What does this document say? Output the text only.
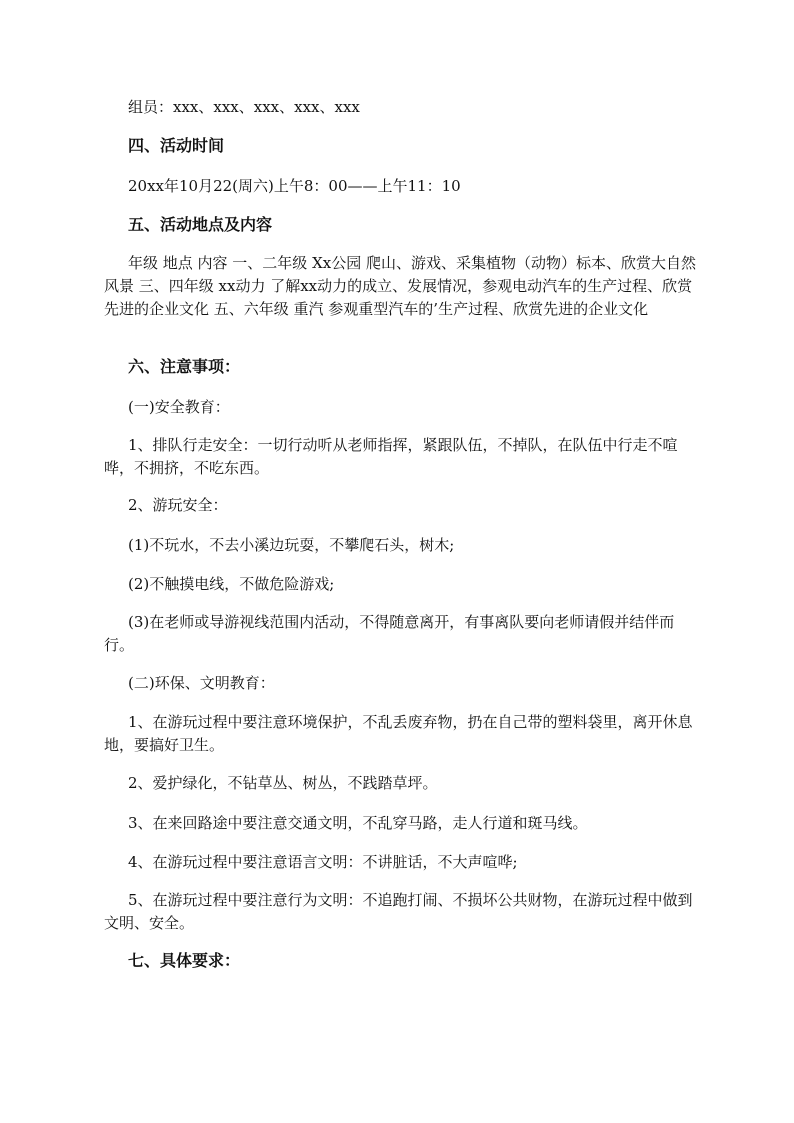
组员：xxx、xxx、xxx、xxx、xxx
四、活动时间
20xx年10月22(周六)上午8：00——上午11：10
五、活动地点及内容
年级 地点 内容 一、二年级 Xx公园 爬山、游戏、采集植物（动物）标本、欣赏大自然风景 三、四年级 xx动力 了解xx动力的成立、发展情况，参观电动汽车的生产过程、欣赏先进的企业文化 五、六年级 重汽 参观重型汽车的’生产过程、欣赏先进的企业文化
六、注意事项：
(一)安全教育：
1、排队行走安全：一切行动听从老师指挥，紧跟队伍，不掉队，在队伍中行走不喧哗，不拥挤，不吃东西。
2、游玩安全：
(1)不玩水，不去小溪边玩耍，不攀爬石头，树木;
(2)不触摸电线，不做危险游戏;
(3)在老师或导游视线范围内活动，不得随意离开，有事离队要向老师请假并结伴而行。
(二)环保、文明教育：
1、在游玩过程中要注意环境保护，不乱丢废弃物，扔在自己带的塑料袋里，离开休息地，要搞好卫生。
2、爱护绿化，不钻草丛、树丛，不践踏草坪。
3、在来回路途中要注意交通文明，不乱穿马路，走人行道和斑马线。
4、在游玩过程中要注意语言文明：不讲脏话，不大声喧哗;
5、在游玩过程中要注意行为文明：不追跑打闹、不损坏公共财物，在游玩过程中做到文明、安全。
七、具体要求：
